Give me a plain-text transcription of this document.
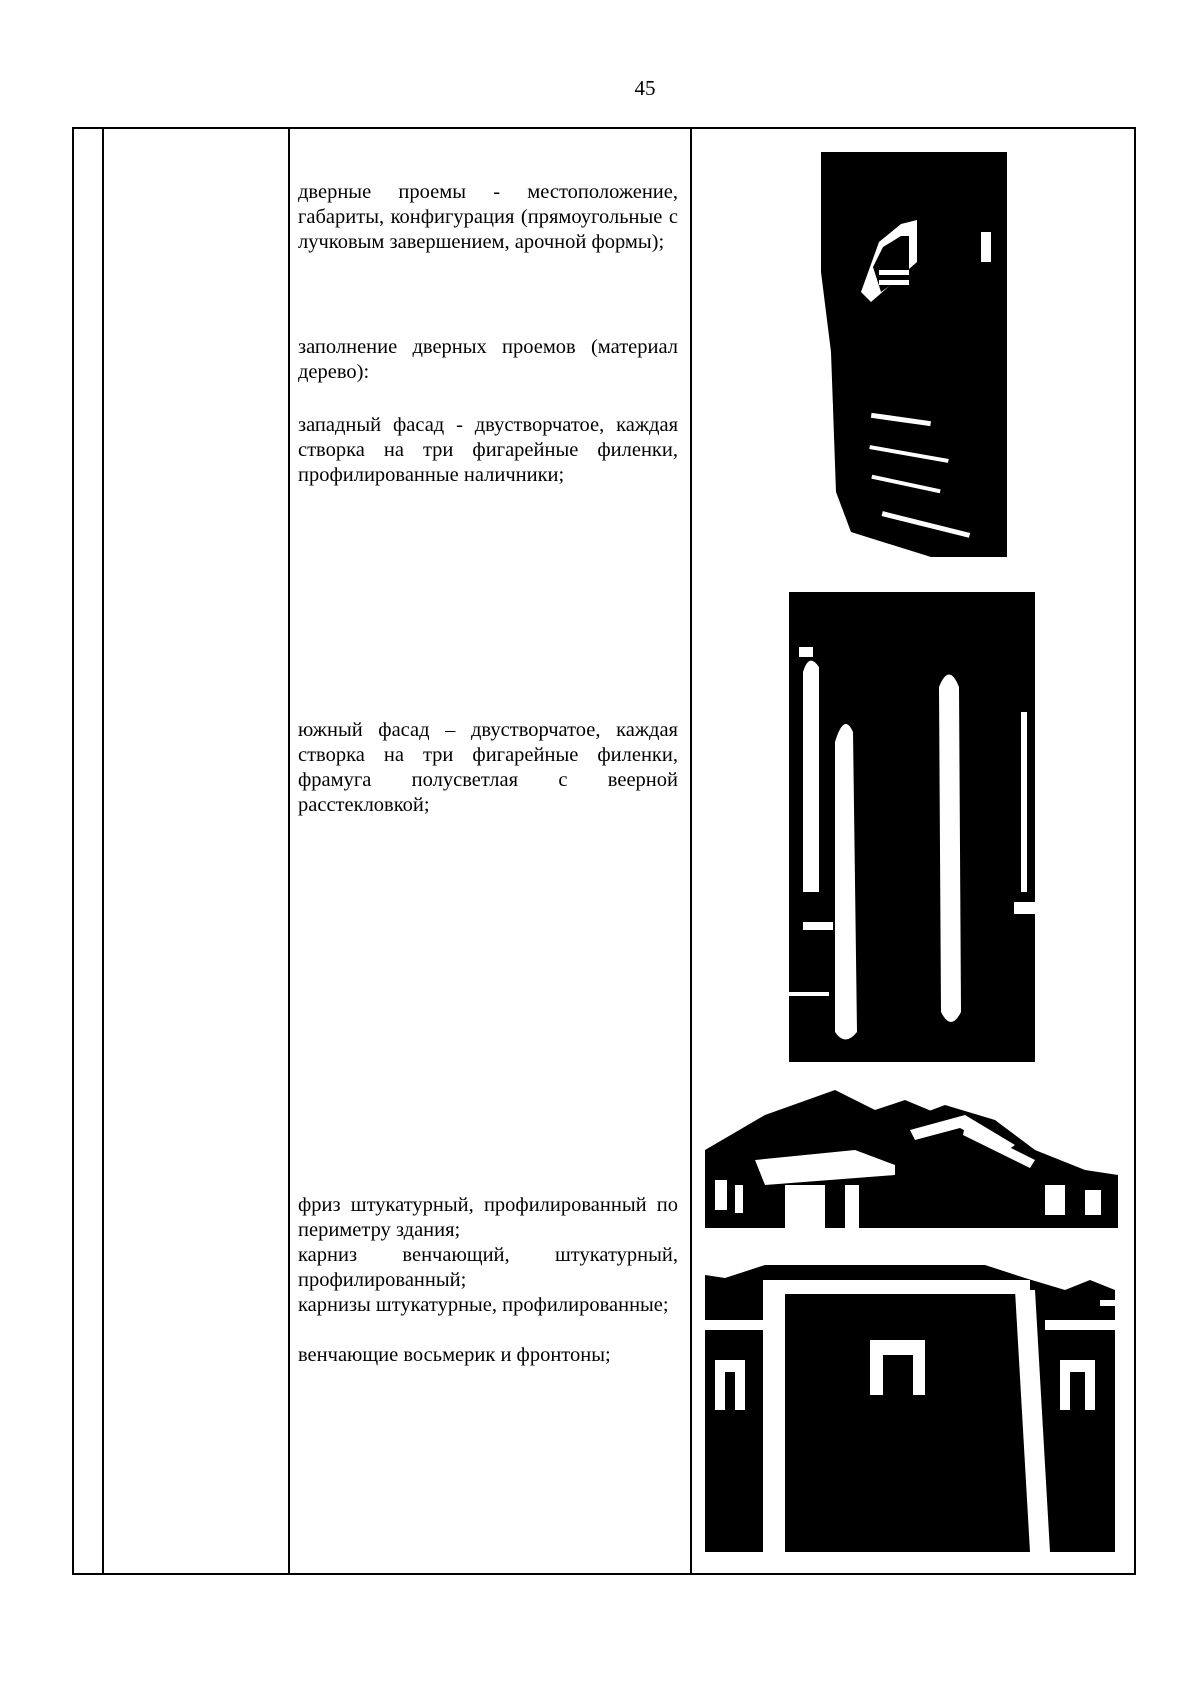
45
дверные проемы - местоположение, габариты, конфигурация (прямоугольные с лучковым завершением, арочной формы);
заполнение дверных проемов (материал дерево):
западный фасад - двустворчатое, каждая створка на три фигарейные филенки, профилированные наличники;
южный фасад – двустворчатое, каждая створка на три фигарейные филенки, фрамуга полусветлая с веерной расстекловкой;
фриз штукатурный, профилированный по периметру здания;
карниз венчающий, штукатурный, профилированный;
карнизы штукатурные, профилированные;
венчающие восьмерик и фронтоны;
